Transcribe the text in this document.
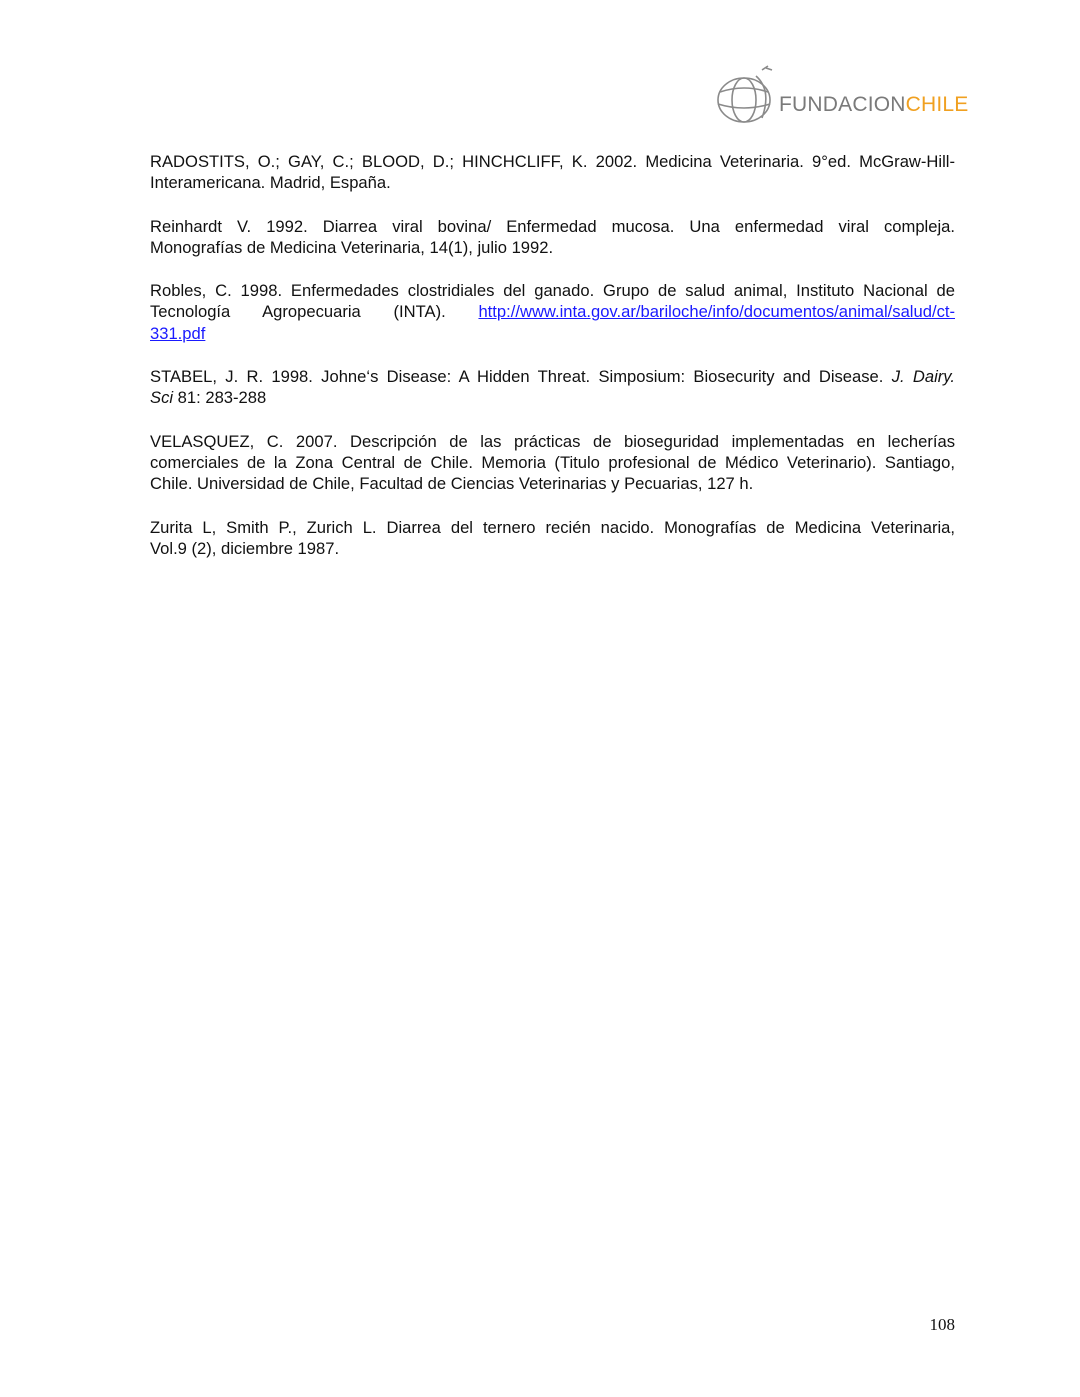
FUNDACIONCHILE

RADOSTITS, O.; GAY, C.; BLOOD, D.; HINCHCLIFF, K. 2002. Medicina Veterinaria. 9°ed. McGraw-Hill-
Interamericana. Madrid, España.

Reinhardt V. 1992. Diarrea viral bovina/ Enfermedad mucosa. Una enfermedad viral compleja.
Monografías de Medicina Veterinaria, 14(1), julio 1992.

Robles, C. 1998. Enfermedades clostridiales del ganado. Grupo de salud animal, Instituto Nacional de
Tecnología Agropecuaria (INTA). http://www.inta.gov.ar/bariloche/info/documentos/animal/salud/ct-
331.pdf

STABEL, J. R. 1998. Johne‘s Disease: A Hidden Threat. Simposium: Biosecurity and Disease. J. Dairy.
Sci 81: 283-288

VELASQUEZ, C. 2007. Descripción de las prácticas de bioseguridad implementadas en lecherías
comerciales de la Zona Central de Chile. Memoria (Titulo profesional de Médico Veterinario). Santiago,
Chile. Universidad de Chile, Facultad de Ciencias Veterinarias y Pecuarias, 127 h.

Zurita L, Smith P., Zurich L. Diarrea del ternero recién nacido. Monografías de Medicina Veterinaria,
Vol.9 (2), diciembre 1987.

108
